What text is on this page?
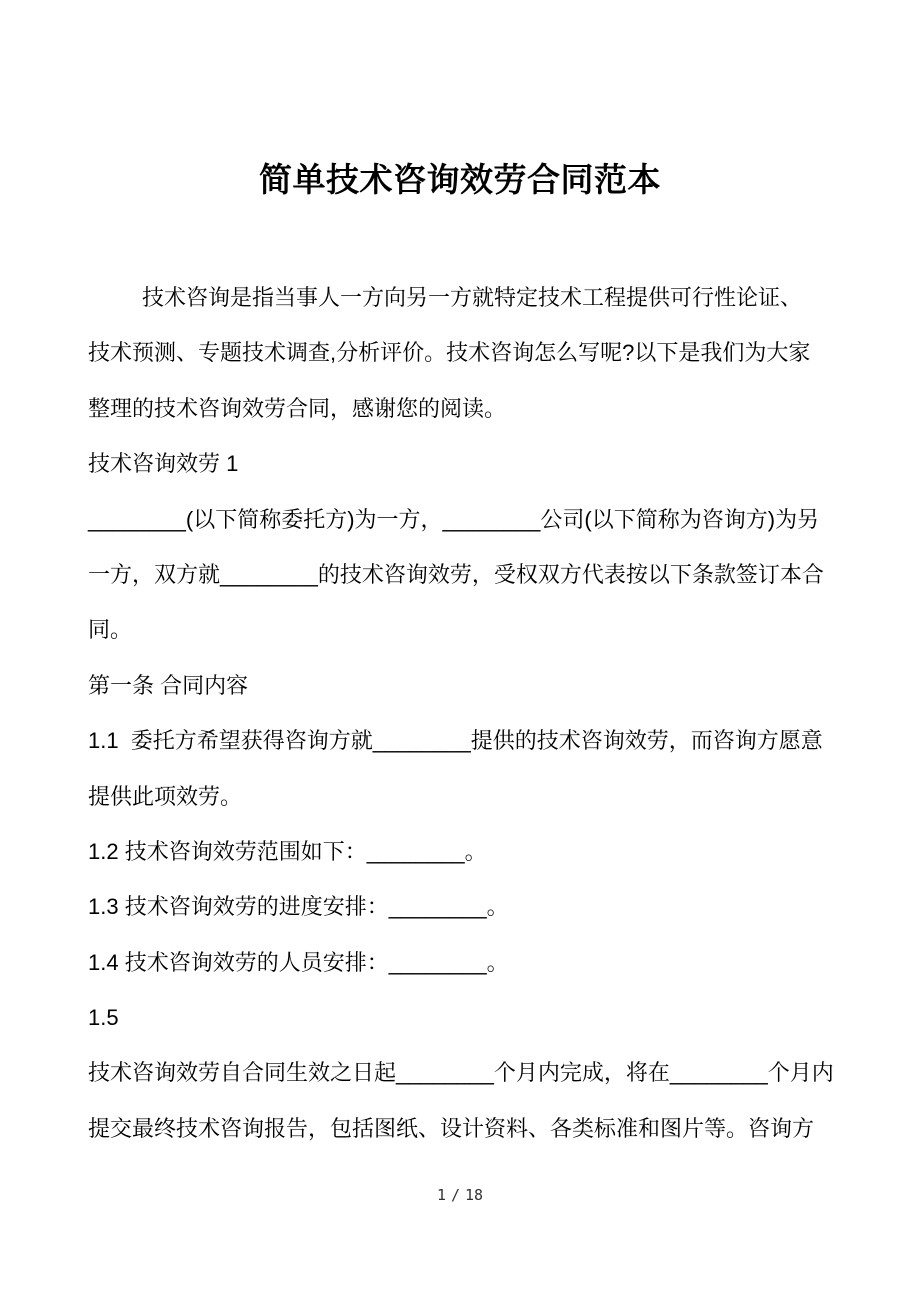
简单技术咨询效劳合同范本
技术咨询是指当事人一方向另一方就特定技术工程提供可行性论证、
技术预测、专题技术调查,分析评价。技术咨询怎么写呢?以下是我们为大家
整理的技术咨询效劳合同，感谢您的阅读。
技术咨询效劳 1
________(以下简称委托方)为一方，________公司(以下简称为咨询方)为另
一方，双方就________的技术咨询效劳，受权双方代表按以下条款签订本合
同。
第一条 合同内容
1.1  委托方希望获得咨询方就________提供的技术咨询效劳，而咨询方愿意
提供此项效劳。
1.2 技术咨询效劳范围如下：________。
1.3 技术咨询效劳的进度安排：________。
1.4 技术咨询效劳的人员安排：________。
1.5
技术咨询效劳自合同生效之日起________个月内完成，将在________个月内
提交最终技术咨询报告，包括图纸、设计资料、各类标准和图片等。咨询方
1 / 18
